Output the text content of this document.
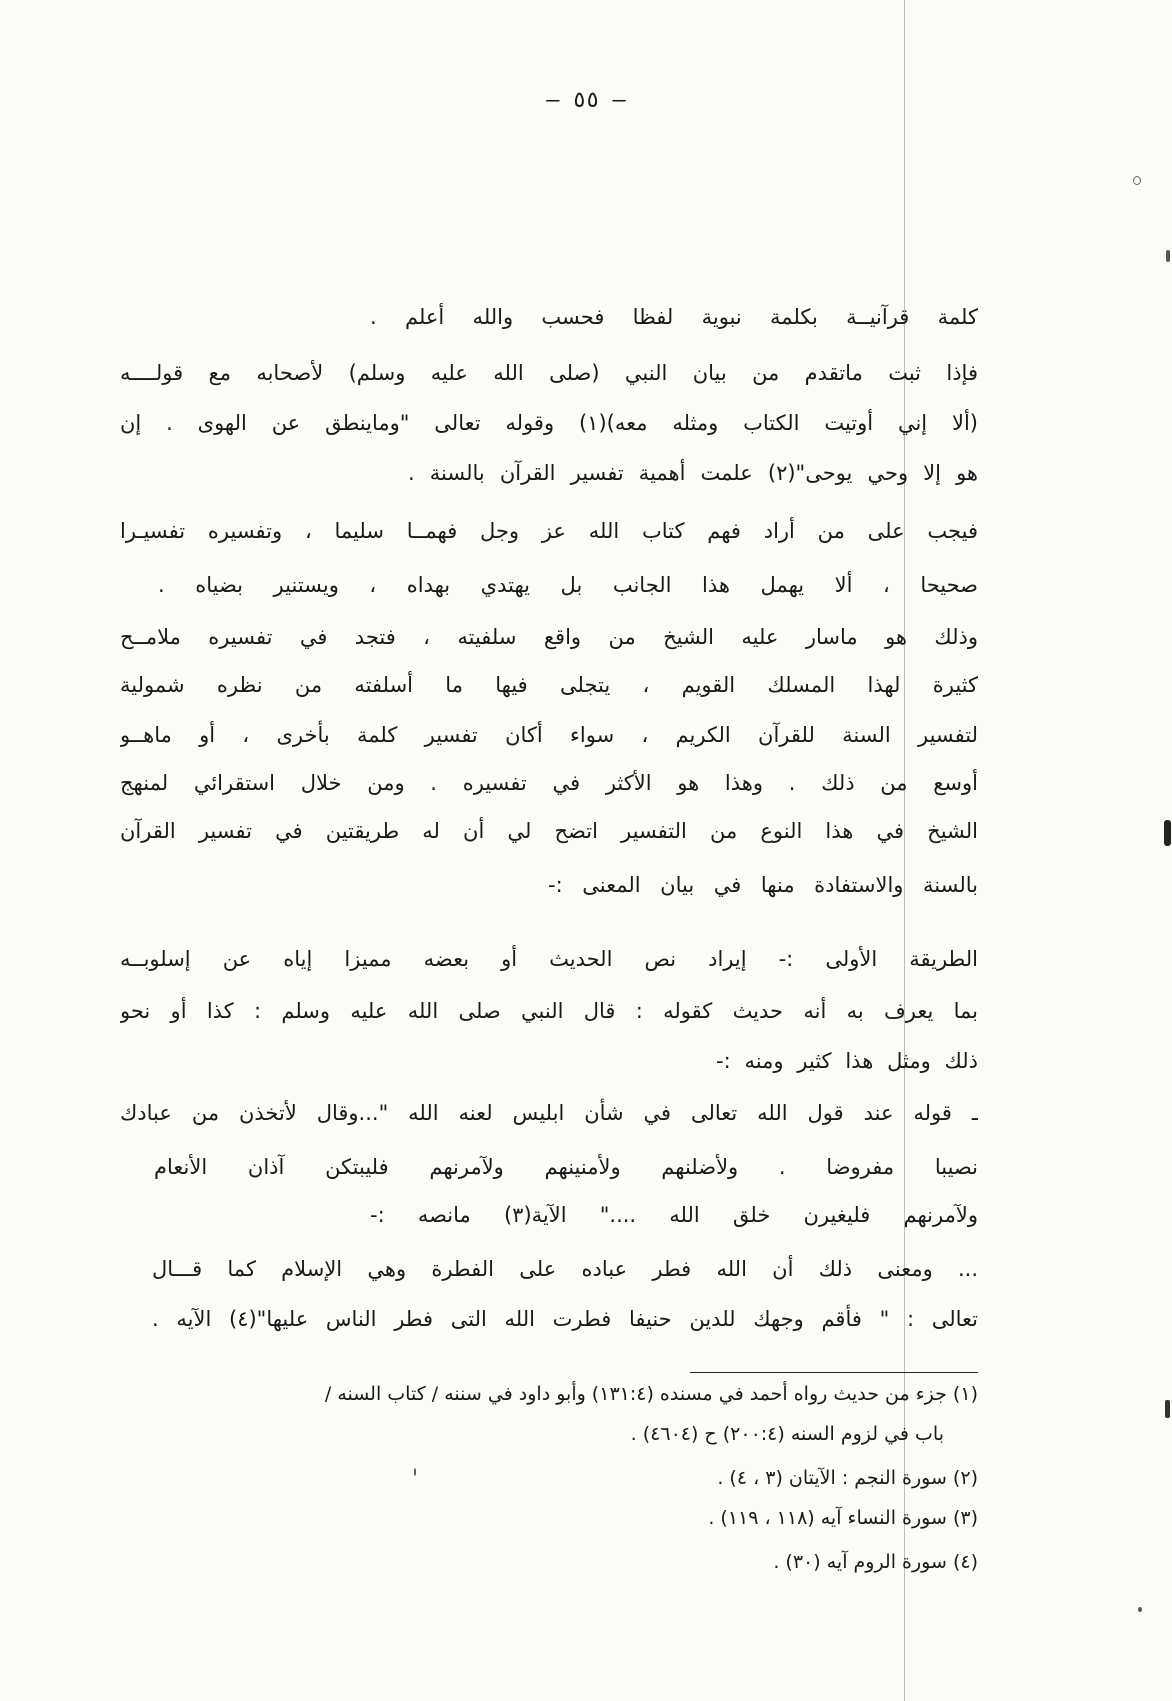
— ٥٥ —
كلمة قرآنيــة بكلمة نبوية لفظا فحسب والله أعلم .
فإذا ثبت ماتقدم من بيان النبي (صلى الله عليه وسلم) لأصحابه مع قولــــه
(ألا إني أوتيت الكتاب ومثله معه)(١) وقوله تعالى "وماينطق عن الهوى . إن
هو إلا وحي يوحى"(٢) علمت أهمية تفسير القرآن بالسنة .
فيجب على من أراد فهم كتاب الله عز وجل فهمــا سليما ، وتفسيره تفسيـرا
صحيحا ، ألا يهمل هذا الجانب بل يهتدي بهداه ، ويستنير بضياه .
وذلك هو ماسار عليه الشيخ من واقع سلفيته ، فتجد في تفسيره ملامــح
كثيرة لهذا المسلك القويم ، يتجلى فيها ما أسلفته من نظره شمولية
لتفسير السنة للقرآن الكريم ، سواء أكان تفسير كلمة بأخرى ، أو ماهــو
أوسع من ذلك . وهذا هو الأكثر في تفسيره . ومن خلال استقرائي لمنهج
الشيخ في هذا النوع من التفسير اتضح لي أن له طريقتين في تفسير القرآن
بالسنة والاستفادة منها في بيان المعنى :-
الطريقة الأولى :- إيراد نص الحديث أو بعضه مميزا إياه عن إسلوبــه
بما يعرف به أنه حديث كقوله : قال النبي صلى الله عليه وسلم : كذا أو نحو
ذلك ومثل هذا كثير ومنه :-
ـ قوله عند قول الله تعالى في شأن ابليس لعنه الله "...وقال لأتخذن من عبادك
نصيبا مفروضا . ولأضلنهم ولأمنينهم ولآمرنهم فليبتكن آذان الأنعام
ولآمرنهم فليغيرن خلق الله ...." الآية(٣) مانصه :-
... ومعنى ذلك أن الله فطر عباده على الفطرة وهي الإسلام كما قـــال
تعالى : " فأقم وجهك للدين حنيفا فطرت الله التى فطر الناس عليها"(٤) الآيه .
(١) جزء من حديث رواه أحمد في مسنده (١٣١:٤) وأبو داود في سننه / كتاب السنه /
باب في لزوم السنه (٢٠٠:٤) ح (٤٦٠٤) .
(٢) سورة النجم : الآيتان (٣ ، ٤) .
(٣) سورة النساء آيه (١١٨ ، ١١٩) .
(٤) سورة الروم آيه (٣٠) .
